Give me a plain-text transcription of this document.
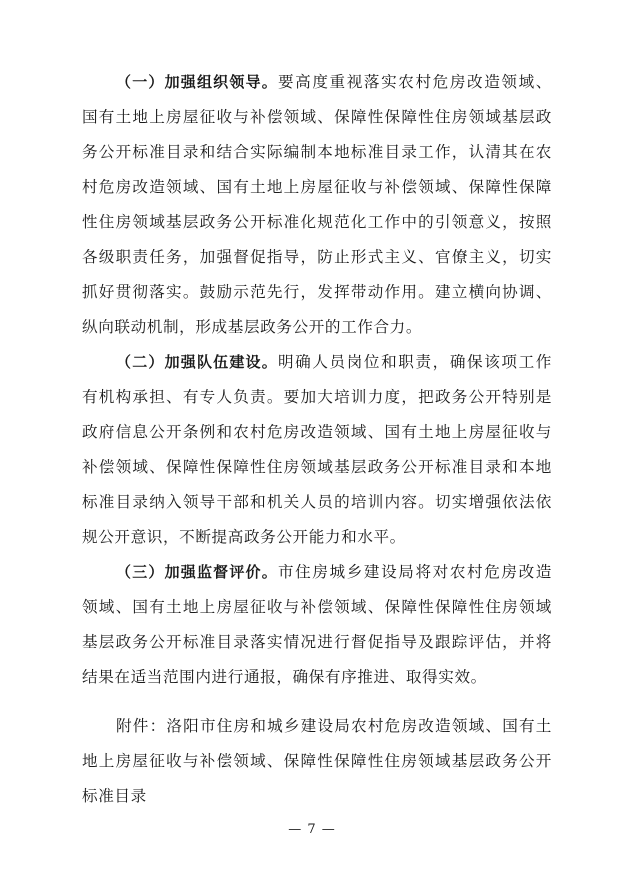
（一）加强组织领导。要高度重视落实农村危房改造领域、
国有土地上房屋征收与补偿领域、保障性保障性住房领域基层政
务公开标准目录和结合实际编制本地标准目录工作，认清其在农
村危房改造领域、国有土地上房屋征收与补偿领域、保障性保障
性住房领域基层政务公开标准化规范化工作中的引领意义，按照
各级职责任务，加强督促指导，防止形式主义、官僚主义，切实
抓好贯彻落实。鼓励示范先行，发挥带动作用。建立横向协调、
纵向联动机制，形成基层政务公开的工作合力。
（二）加强队伍建设。明确人员岗位和职责，确保该项工作
有机构承担、有专人负责。要加大培训力度，把政务公开特别是
政府信息公开条例和农村危房改造领域、国有土地上房屋征收与
补偿领域、保障性保障性住房领域基层政务公开标准目录和本地
标准目录纳入领导干部和机关人员的培训内容。切实增强依法依
规公开意识，不断提高政务公开能力和水平。
（三）加强监督评价。市住房城乡建设局将对农村危房改造
领域、国有土地上房屋征收与补偿领域、保障性保障性住房领域
基层政务公开标准目录落实情况进行督促指导及跟踪评估，并将
结果在适当范围内进行通报，确保有序推进、取得实效。
附件：洛阳市住房和城乡建设局农村危房改造领域、国有土
地上房屋征收与补偿领域、保障性保障性住房领域基层政务公开
标准目录
— 7 —
